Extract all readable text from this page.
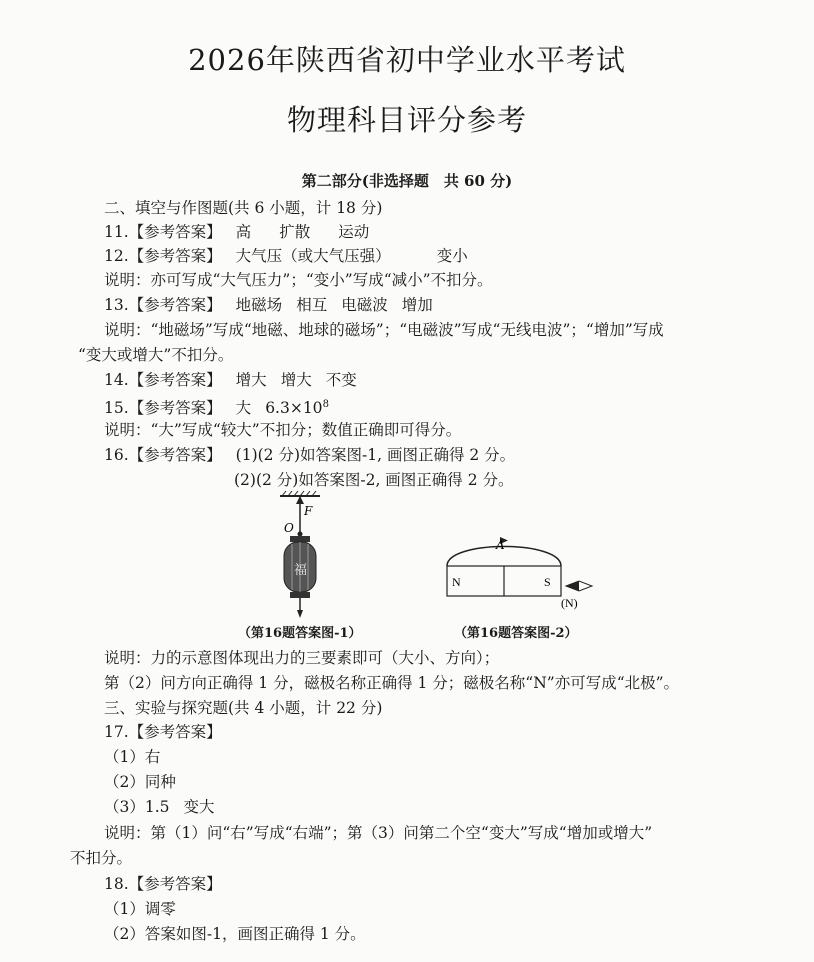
2026年陕西省初中学业水平考试
物理科目评分参考
第二部分(非选择题　共 60 分)
二、填空与作图题(共 6 小题，计 18 分)
11.【参考答案】 高 扩散 运动
12.【参考答案】 大气压（或大气压强）	变小
说明：亦可写成“大气压力”；“变小”写成“减小”不扣分。
13.【参考答案】 地磁场 相互 电磁波 增加
说明：“地磁场”写成“地磁、地球的磁场”；“电磁波”写成“无线电波”；“增加”写成
“变大或增大”不扣分。
14.【参考答案】 增大 增大 不变
15.【参考答案】 大 $6.3\times 10^8$
说明：“大”写成“较大”不扣分；数值正确即可得分。
16.【参考答案】 (1)(2 分)如答案图-1, 画图正确得 2 分。
(2)(2 分)如答案图-2, 画图正确得 2 分。
F
O
福
A
N	S
(N)
（第16题答案图-1）	（第16题答案图-2）
说明：力的示意图体现出力的三要素即可（大小、方向）；
第（2）问方向正确得 1 分，磁极名称正确得 1 分；磁极名称“N”亦可写成“北极”。
三、实验与探究题(共 4 小题，计 22 分)
17.【参考答案】
（1）右
（2）同种
（3）1.5 变大
说明：第（1）问“右”写成“右端”；第（3）问第二个空“变大”写成“增加或增大”
不扣分。
18.【参考答案】
（1）调零
（2）答案如图-1，画图正确得 1 分。
